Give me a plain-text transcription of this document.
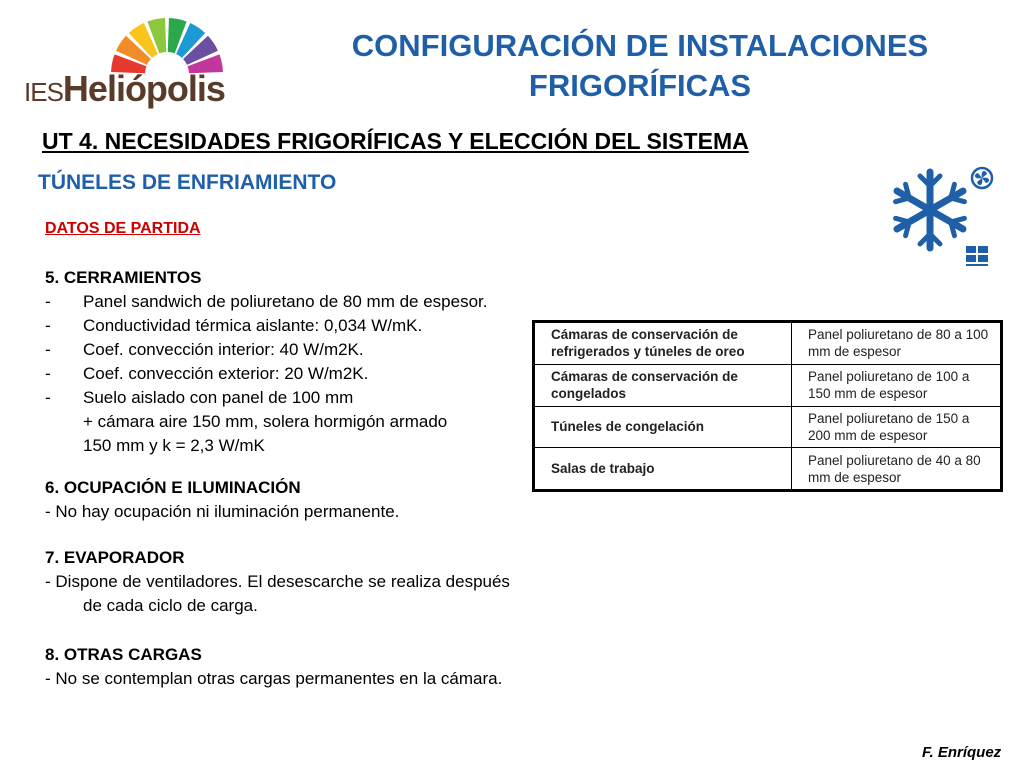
IESHeliópolis
CONFIGURACIÓN DE INSTALACIONES
FRIGORÍFICAS
UT 4. NECESIDADES FRIGORÍFICAS Y ELECCIÓN DEL SISTEMA
TÚNELES DE ENFRIAMIENTO
DATOS DE PARTIDA
5. CERRAMIENTOS
-	Panel sandwich de poliuretano de 80 mm de espesor.
-	Conductividad térmica aislante: 0,034 W/mK.
-	Coef. convección interior: 40 W/m2K.
-	Coef. convección exterior: 20 W/m2K.
-	Suelo aislado con panel de 100 mm
+ cámara aire 150 mm, solera hormigón armado
150 mm y k = 2,3 W/mK
6. OCUPACIÓN E ILUMINACIÓN
- No hay ocupación ni iluminación permanente.
7. EVAPORADOR
- Dispone de ventiladores. El desescarche se realiza después
de cada ciclo de carga.
8. OTRAS CARGAS
- No se contemplan otras cargas permanentes en la cámara.
Cámaras de conservación de refrigerados y túneles de oreo	Panel poliuretano de 80 a 100 mm de espesor
Cámaras de conservación de congelados	Panel poliuretano de 100 a 150 mm de espesor
Túneles de congelación	Panel poliuretano de 150 a 200 mm de espesor
Salas de trabajo	Panel poliuretano de 40 a 80 mm de espesor
F. Enríquez
